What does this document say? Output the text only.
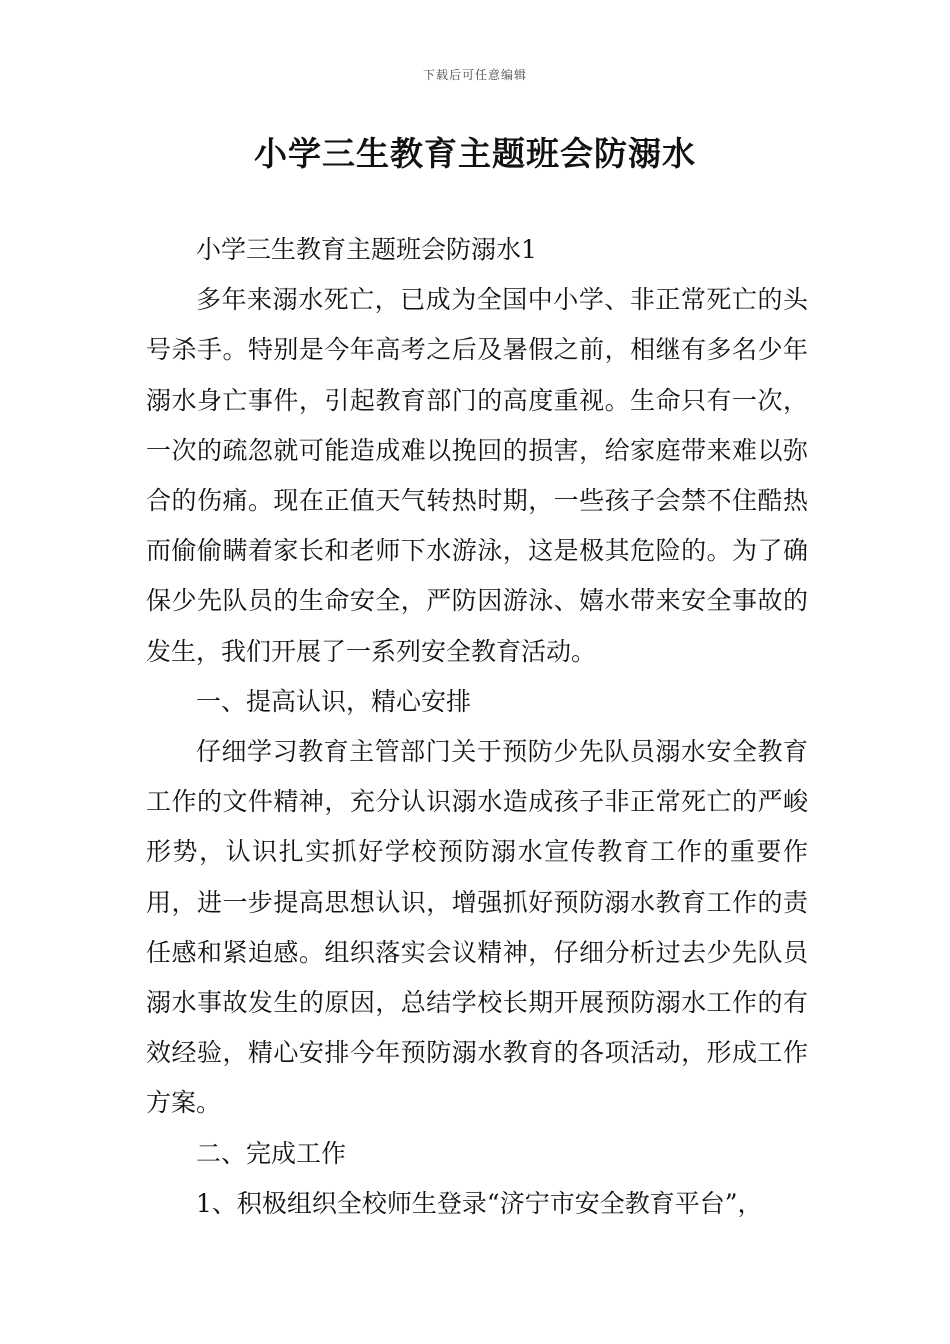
下载后可任意编辑
小学三生教育主题班会防溺水

小学三生教育主题班会防溺水1

多年来溺水死亡，已成为全国中小学、非正常死亡的头号杀手。特别是今年高考之后及暑假之前，相继有多名少年溺水身亡事件，引起教育部门的高度重视。生命只有一次，一次的疏忽就可能造成难以挽回的损害，给家庭带来难以弥合的伤痛。现在正值天气转热时期，一些孩子会禁不住酷热而偷偷瞒着家长和老师下水游泳，这是极其危险的。为了确保少先队员的生命安全，严防因游泳、嬉水带来安全事故的发生，我们开展了一系列安全教育活动。

一、提高认识，精心安排

仔细学习教育主管部门关于预防少先队员溺水安全教育工作的文件精神，充分认识溺水造成孩子非正常死亡的严峻形势，认识扎实抓好学校预防溺水宣传教育工作的重要作用，进一步提高思想认识，增强抓好预防溺水教育工作的责任感和紧迫感。组织落实会议精神，仔细分析过去少先队员溺水事故发生的原因，总结学校长期开展预防溺水工作的有效经验，精心安排今年预防溺水教育的各项活动，形成工作方案。

二、完成工作

1、积极组织全校师生登录“济宁市安全教育平台”，
